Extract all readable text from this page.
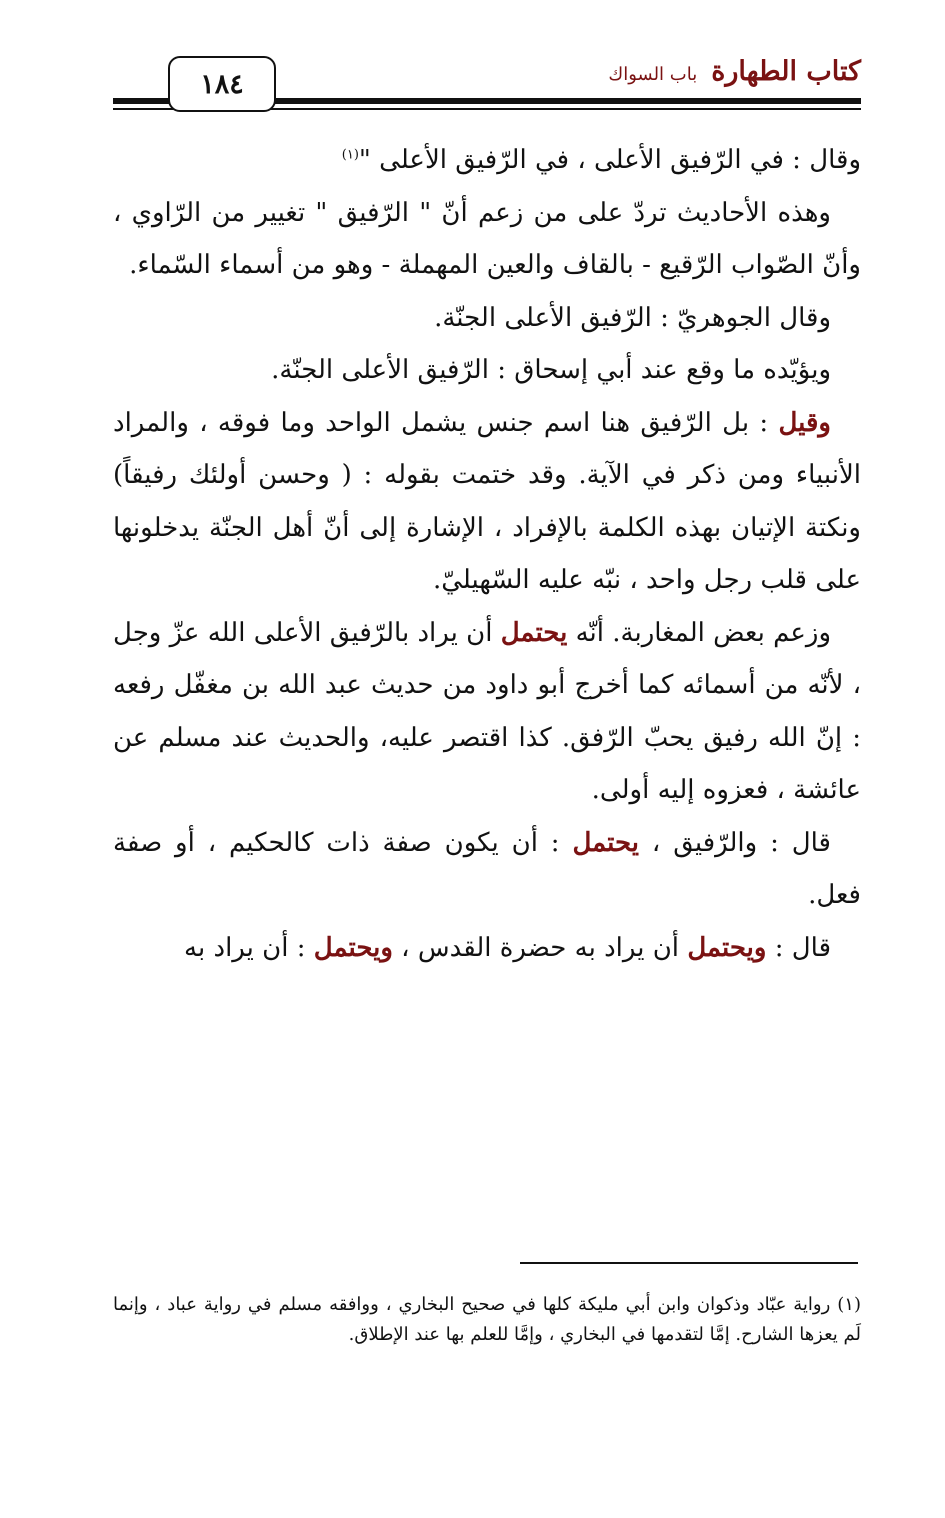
١٨٤	كتاب الطهارة
باب السواك

وقال : في الرّفيق الأعلى ، في الرّفيق الأعلى "$^{(١)}$

وهذه الأحاديث تردّ على من زعم أنّ " الرّفيق " تغيير من الرّاوي ، وأنّ الصّواب الرّقيع - بالقاف والعين المهملة - وهو من أسماء السّماء.

وقال الجوهريّ : الرّفيق الأعلى الجنّة.

ويؤيّده ما وقع عند أبي إسحاق : الرّفيق الأعلى الجنّة.

وقيل : بل الرّفيق هنا اسم جنس يشمل الواحد وما فوقه ، والمراد الأنبياء ومن ذكر في الآية. وقد ختمت بقوله : ( وحسن أولئك رفيقاً) ونكتة الإتيان بهذه الكلمة بالإفراد ، الإشارة إلى أنّ أهل الجنّة يدخلونها على قلب رجل واحد ، نبّه عليه السّهيليّ.

وزعم بعض المغاربة. أنّه يحتمل أن يراد بالرّفيق الأعلى الله عزّ وجل ، لأنّه من أسمائه كما أخرج أبو داود من حديث عبد الله بن مغفّل رفعه : إنّ الله رفيق يحبّ الرّفق. كذا اقتصر عليه، والحديث عند مسلم عن عائشة ، فعزوه إليه أولى.

قال : والرّفيق ، يحتمل : أن يكون صفة ذات كالحكيم ، أو صفة فعل.

قال : ويحتمل أن يراد به حضرة القدس ، ويحتمل : أن يراد به

(١) رواية عبّاد وذكوان وابن أبي مليكة كلها في صحيح البخاري ، ووافقه مسلم في رواية عباد ، وإنما لَم يعزها الشارح. إمَّا لتقدمها في البخاري ، وإمَّا للعلم بها عند الإطلاق.
